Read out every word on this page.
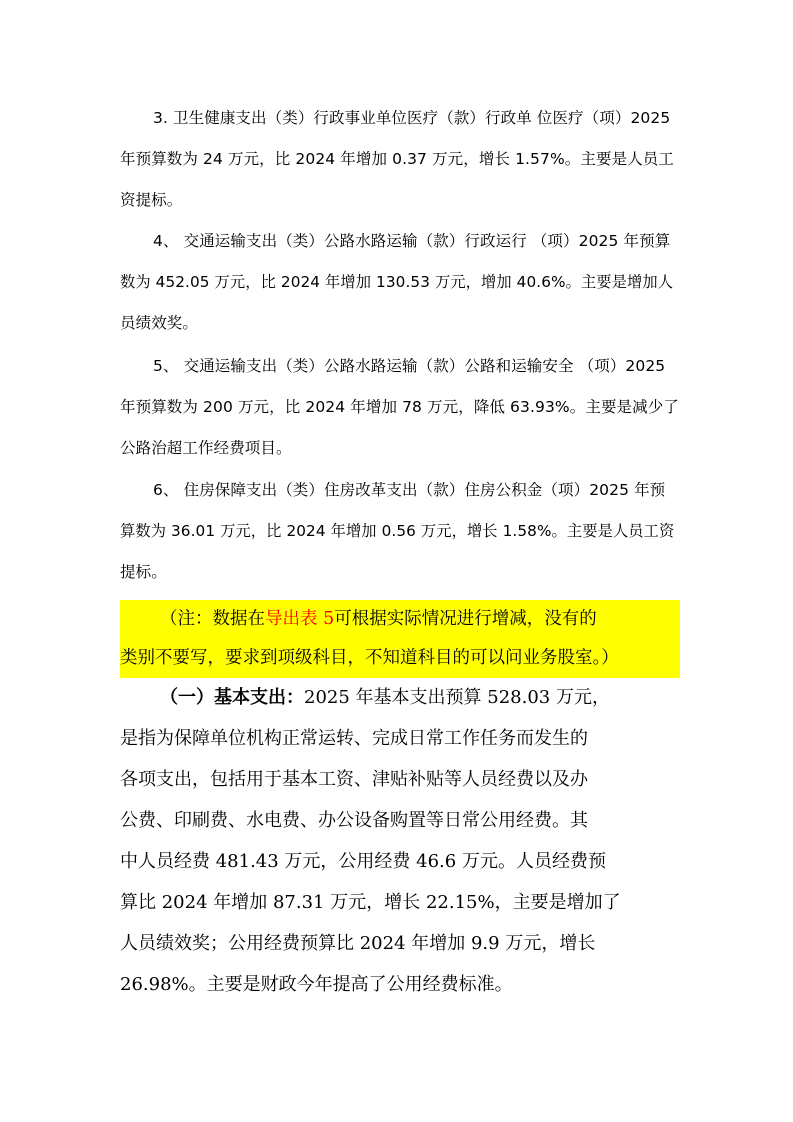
3. 卫生健康支出（类）行政事业单位医疗（款）行政单 位医疗（项）2025
年预算数为 24 万元，比 2024 年增加 0.37 万元，增长 1.57%。主要是人员工
资提标。
4、 交通运输支出（类）公路水路运输（款）行政运行 （项）2025 年预算
数为 452.05 万元，比 2024 年增加 130.53 万元，增加 40.6%。主要是增加人
员绩效奖。
5、 交通运输支出（类）公路水路运输（款）公路和运输安全 （项）2025
年预算数为 200 万元，比 2024 年增加 78 万元，降低 63.93%。主要是减少了
公路治超工作经费项目。
6、 住房保障支出（类）住房改革支出（款）住房公积金（项）2025 年预
算数为 36.01 万元，比 2024 年增加 0.56 万元，增长 1.58%。主要是人员工资
提标。
（注：数据在导出表 5可根据实际情况进行增减，没有的
类别不要写，要求到项级科目，不知道科目的可以问业务股室。）
（一）基本支出：2025 年基本支出预算 528.03 万元，
是指为保障单位机构正常运转、完成日常工作任务而发生的
各项支出，包括用于基本工资、津贴补贴等人员经费以及办
公费、印刷费、水电费、办公设备购置等日常公用经费。其
中人员经费 481.43 万元，公用经费 46.6 万元。人员经费预
算比 2024 年增加 87.31 万元，增长 22.15%，主要是增加了
人员绩效奖；公用经费预算比 2024 年增加 9.9 万元，增长
26.98%。主要是财政今年提高了公用经费标准。
